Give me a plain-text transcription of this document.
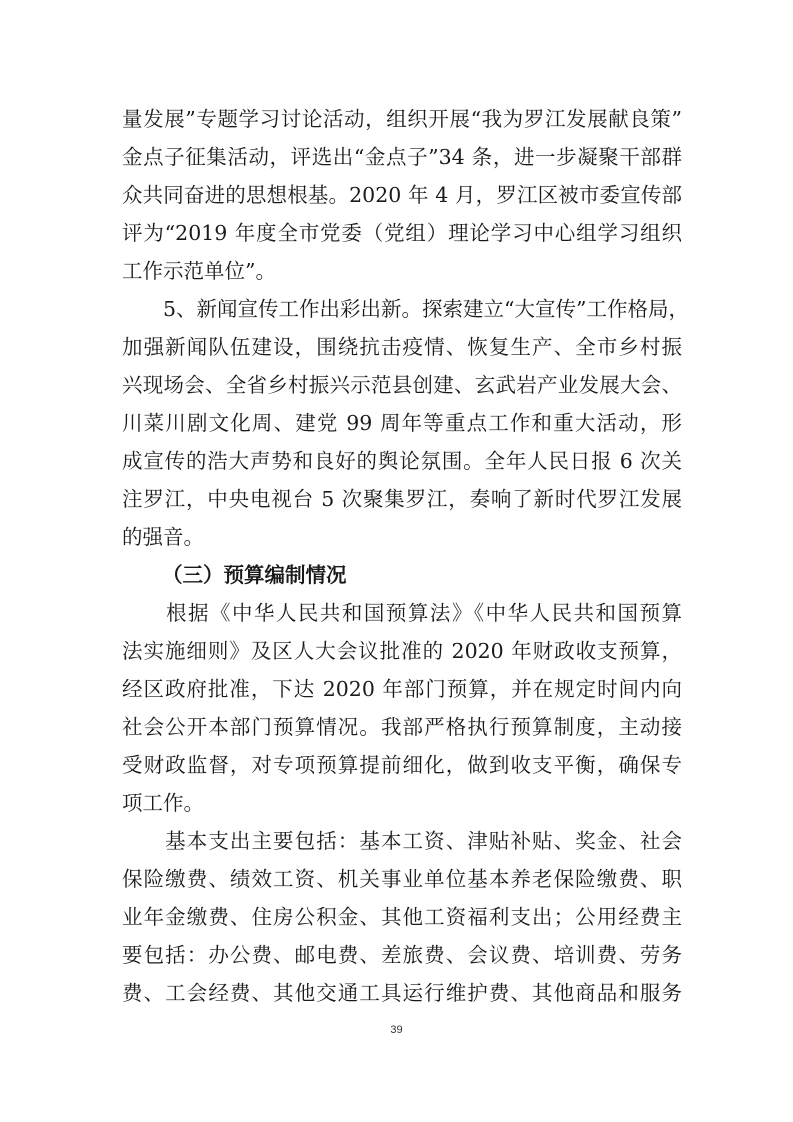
量发展”专题学习讨论活动，组织开展“我为罗江发展献良策”
金点子征集活动，评选出“金点子”34 条，进一步凝聚干部群
众共同奋进的思想根基。2020 年 4 月，罗江区被市委宣传部
评为“2019 年度全市党委（党组）理论学习中心组学习组织
工作示范单位”。
　　5、新闻宣传工作出彩出新。探索建立“大宣传”工作格局，
加强新闻队伍建设，围绕抗击疫情、恢复生产、全市乡村振
兴现场会、全省乡村振兴示范县创建、玄武岩产业发展大会、
川菜川剧文化周、建党 99 周年等重点工作和重大活动，形
成宣传的浩大声势和良好的舆论氛围。全年人民日报 6 次关
注罗江，中央电视台 5 次聚集罗江，奏响了新时代罗江发展
的强音。
（三）预算编制情况
　　根据《中华人民共和国预算法》《中华人民共和国预算
法实施细则》及区人大会议批准的 2020 年财政收支预算，
经区政府批准，下达 2020 年部门预算，并在规定时间内向
社会公开本部门预算情况。我部严格执行预算制度，主动接
受财政监督，对专项预算提前细化，做到收支平衡，确保专
项工作。
　　基本支出主要包括：基本工资、津贴补贴、奖金、社会
保险缴费、绩效工资、机关事业单位基本养老保险缴费、职
业年金缴费、住房公积金、其他工资福利支出；公用经费主
要包括：办公费、邮电费、差旅费、会议费、培训费、劳务
费、工会经费、其他交通工具运行维护费、其他商品和服务
39
